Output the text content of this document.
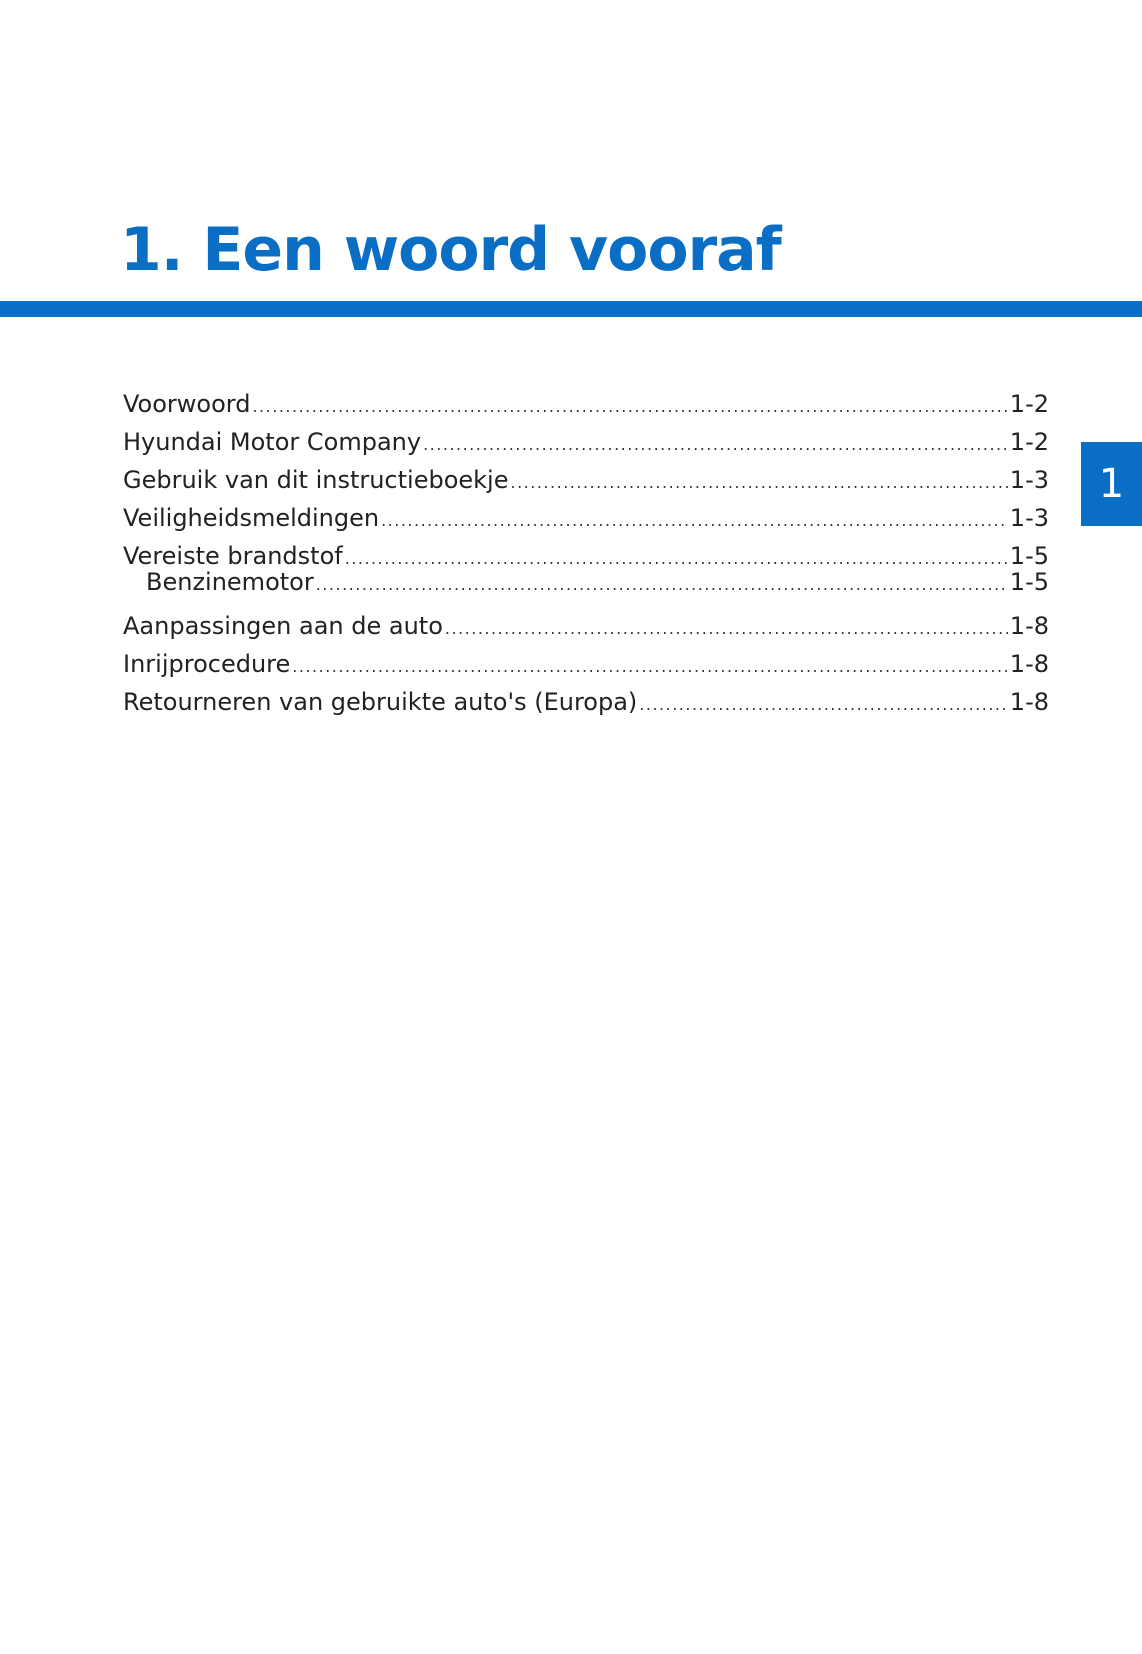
1. Een woord vooraf
Voorwoord .....	1-2
Hyundai Motor Company .....	1-2
Gebruik van dit instructieboekje .....	1-3
Veiligheidsmeldingen .....	1-3
Vereiste brandstof .....	1-5
Benzinemotor .....	1-5
Aanpassingen aan de auto .....	1-8
Inrijprocedure .....	1-8
Retourneren van gebruikte auto's (Europa) .....	1-8
1
